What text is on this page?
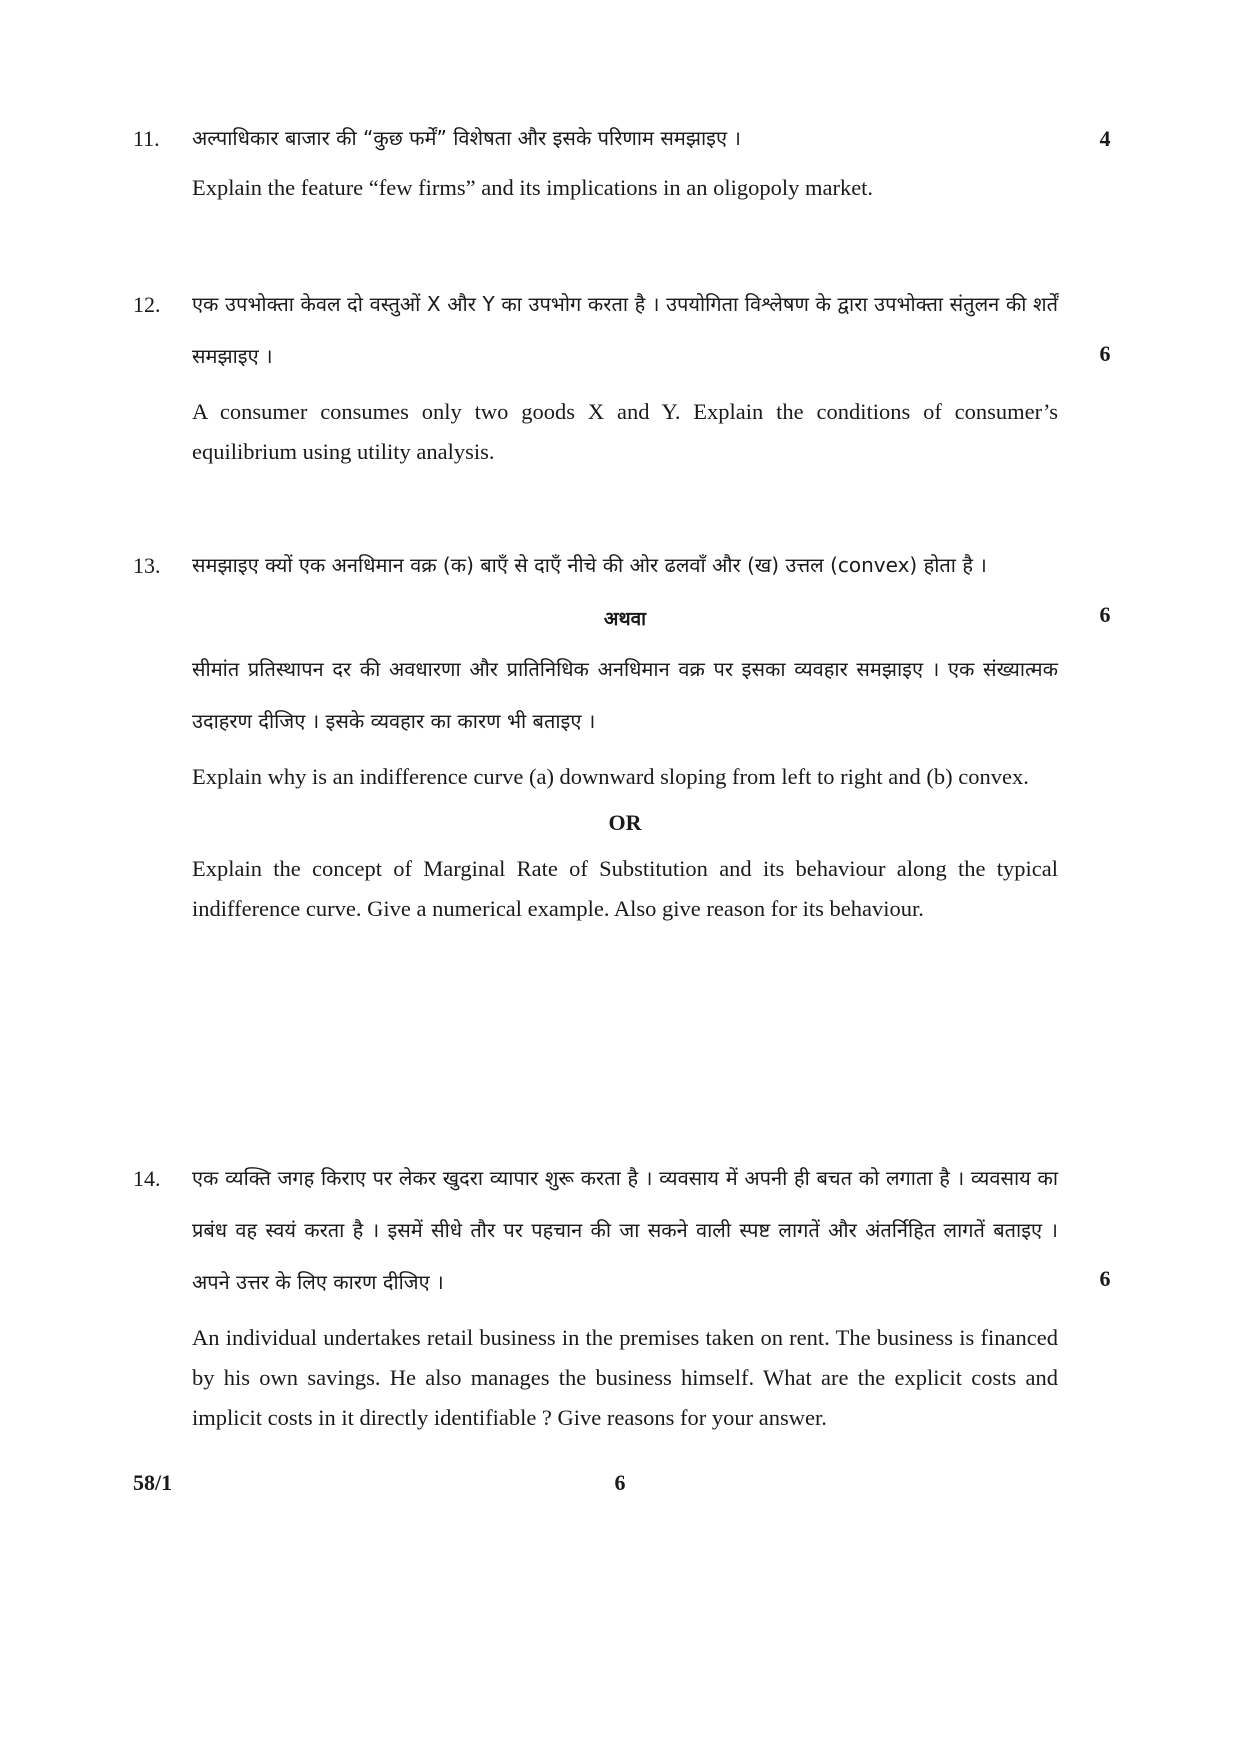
11.	अल्पाधिकार बाजार की “कुछ फर्में” विशेषता और इसके परिणाम समझाइए ।

Explain the feature “few firms” and its implications in an oligopoly market.

4
12.	एक उपभोक्ता केवल दो वस्तुओं X और Y का उपभोग करता है । उपयोगिता विश्लेषण के द्वारा उपभोक्ता संतुलन की शर्तें समझाइए ।

A consumer consumes only two goods X and Y. Explain the conditions of consumer’s equilibrium using utility analysis.

6
13.	समझाइए क्यों एक अनधिमान वक्र (क) बाएँ से दाएँ नीचे की ओर ढलवाँ और (ख) उत्तल (convex) होता है ।

अथवा

सीमांत प्रतिस्थापन दर की अवधारणा और प्रातिनिधिक अनधिमान वक्र पर इसका व्यवहार समझाइए । एक संख्यात्मक उदाहरण दीजिए । इसके व्यवहार का कारण भी बताइए ।

Explain why is an indifference curve (a) downward sloping from left to right and (b) convex.

OR

Explain the concept of Marginal Rate of Substitution and its behaviour along the typical indifference curve. Give a numerical example. Also give reason for its behaviour.

6
14.	एक व्यक्ति जगह किराए पर लेकर खुदरा व्यापार शुरू करता है । व्यवसाय में अपनी ही बचत को लगाता है । व्यवसाय का प्रबंध वह स्वयं करता है । इसमें सीधे तौर पर पहचान की जा सकने वाली स्पष्ट लागतें और अंतर्निहित लागतें बताइए । अपने उत्तर के लिए कारण दीजिए ।

An individual undertakes retail business in the premises taken on rent. The business is financed by his own savings. He also manages the business himself. What are the explicit costs and implicit costs in it directly identifiable ? Give reasons for your answer.

6
58/1	6
